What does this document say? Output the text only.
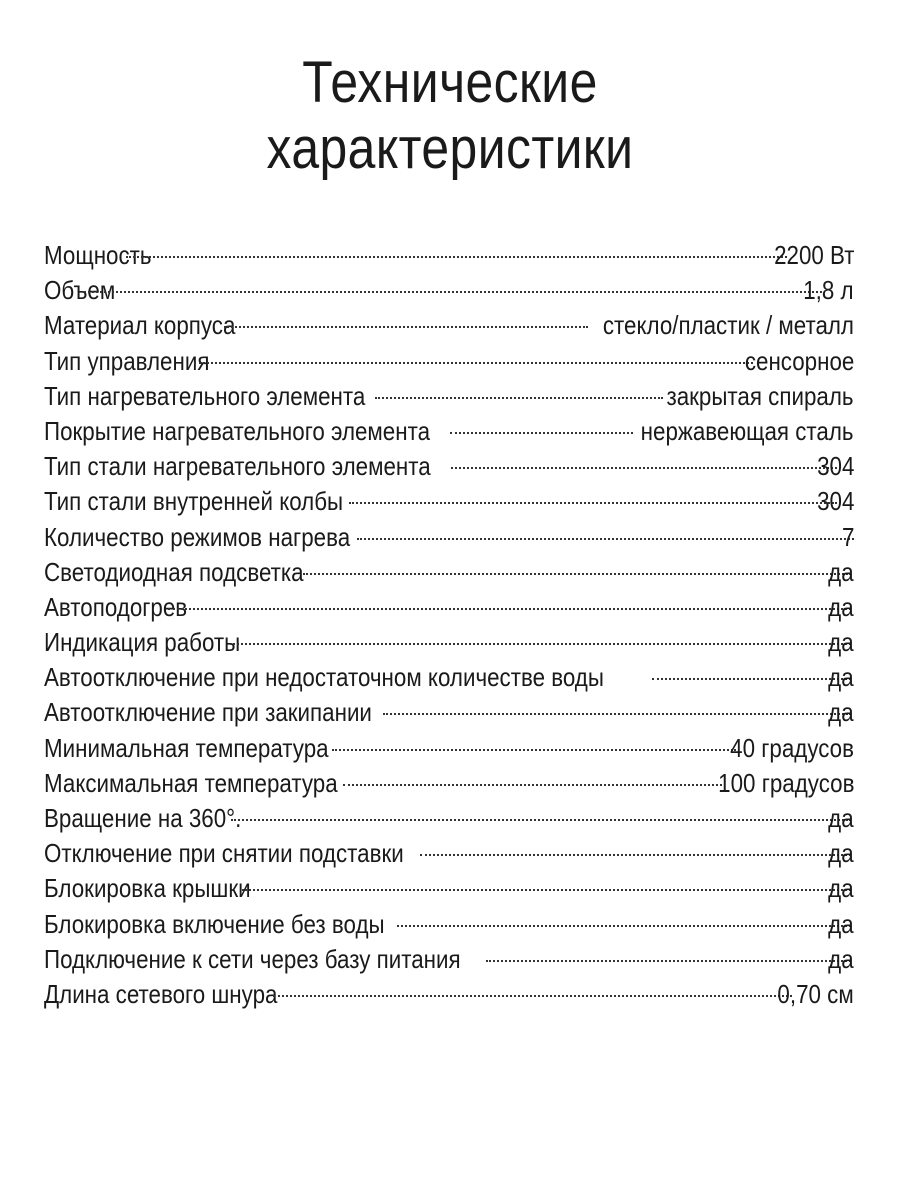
Технические
характеристики
Мощность	2200 Вт
Объем	1,8 л
Материал корпуса	стекло/пластик / металл
Тип управления	сенсорное
Тип нагревательного элемента	закрытая спираль
Покрытие нагревательного элемента	нержавеющая сталь
Тип стали нагревательного элемента	304
Тип стали внутренней колбы	304
Количество режимов нагрева	7
Светодиодная подсветка	да
Автоподогрев	да
Индикация работы	да
Автоотключение при недостаточном количестве воды	да
Автоотключение при закипании	да
Минимальная температура	40 градусов
Максимальная температура	100 градусов
Вращение на 360°.	да
Отключение при снятии подставки	да
Блокировка крышки	да
Блокировка включение без воды	да
Подключение к сети через базу питания	да
Длина сетевого шнура	0,70 см
